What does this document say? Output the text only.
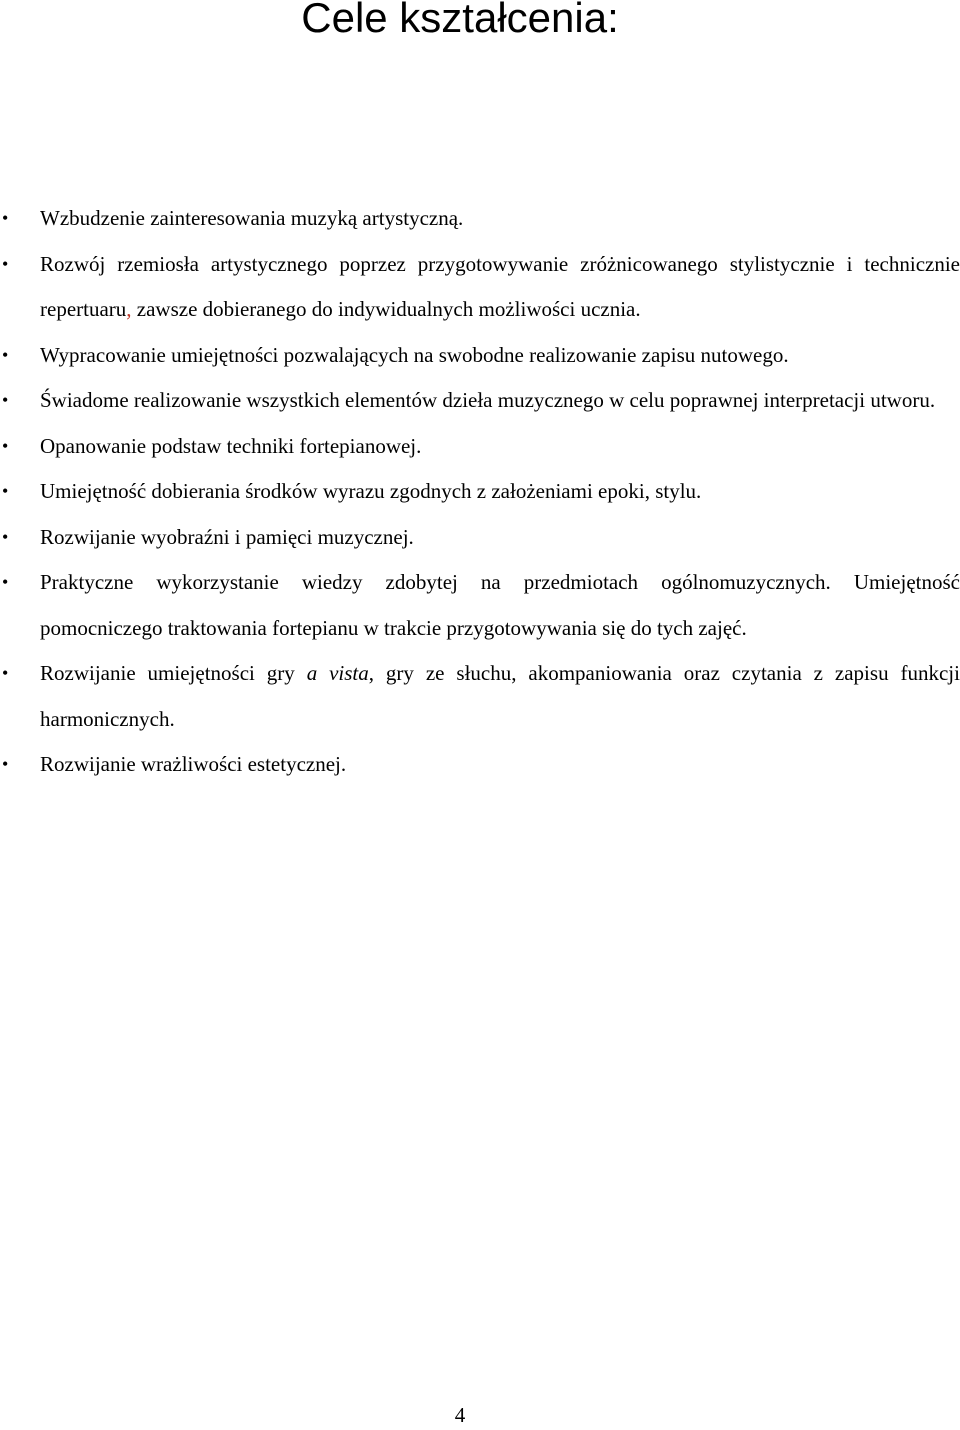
Cele kształcenia:
•	Wzbudzenie zainteresowania muzyką artystyczną.
•	Rozwój rzemiosła artystycznego poprzez przygotowywanie zróżnicowanego stylistycznie i technicznie repertuaru, zawsze dobieranego do indywidualnych możliwości ucznia.
•	Wypracowanie umiejętności pozwalających na swobodne realizowanie zapisu nutowego.
•	Świadome realizowanie wszystkich elementów dzieła muzycznego w celu poprawnej interpretacji utworu.
•	Opanowanie podstaw techniki fortepianowej.
•	Umiejętność dobierania środków wyrazu zgodnych z założeniami epoki, stylu.
•	Rozwijanie wyobraźni i pamięci muzycznej.
•	Praktyczne wykorzystanie wiedzy zdobytej na przedmiotach ogólnomuzycznych. Umiejętność pomocniczego traktowania fortepianu w trakcie przygotowywania się do tych zajęć.
•	Rozwijanie umiejętności gry a vista, gry ze słuchu, akompaniowania oraz czytania z zapisu funkcji harmonicznych.
•	Rozwijanie wrażliwości estetycznej.
4
